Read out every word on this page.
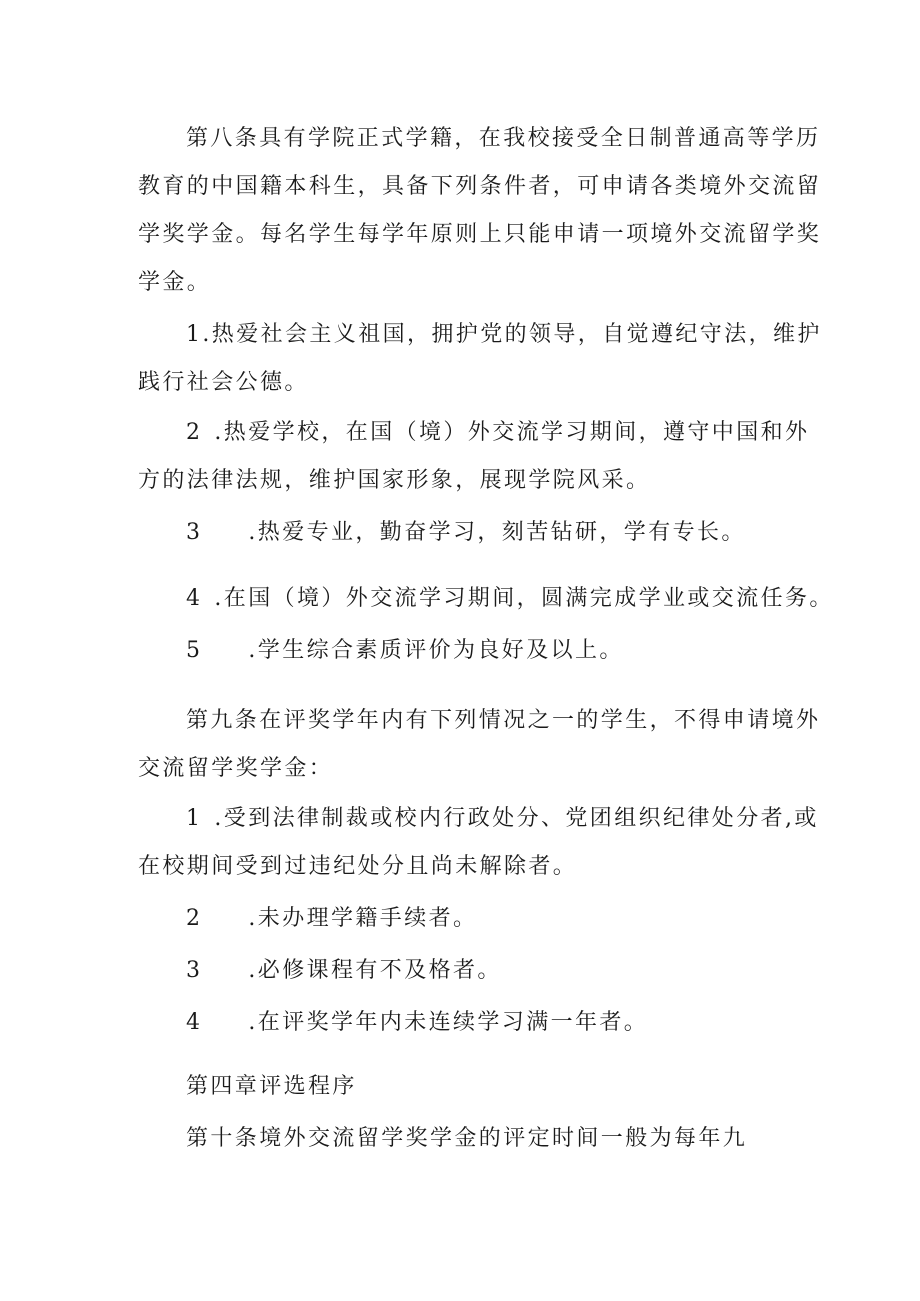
第八条具有学院正式学籍，在我校接受全日制普通高等学历
教育的中国籍本科生，具备下列条件者，可申请各类境外交流留
学奖学金。每名学生每学年原则上只能申请一项境外交流留学奖
学金。
1.热爱社会主义祖国，拥护党的领导，自觉遵纪守法，维护
践行社会公德。
2 .热爱学校，在国（境）外交流学习期间，遵守中国和外
方的法律法规，维护国家形象，展现学院风采。
3 .热爱专业，勤奋学习，刻苦钻研，学有专长。
4 .在国（境）外交流学习期间，圆满完成学业或交流任务。
5 .学生综合素质评价为良好及以上。
第九条在评奖学年内有下列情况之一的学生，不得申请境外
交流留学奖学金：
1 .受到法律制裁或校内行政处分、党团组织纪律处分者,或
在校期间受到过违纪处分且尚未解除者。
2 .未办理学籍手续者。
3 .必修课程有不及格者。
4 .在评奖学年内未连续学习满一年者。
第四章评选程序
第十条境外交流留学奖学金的评定时间一般为每年九
